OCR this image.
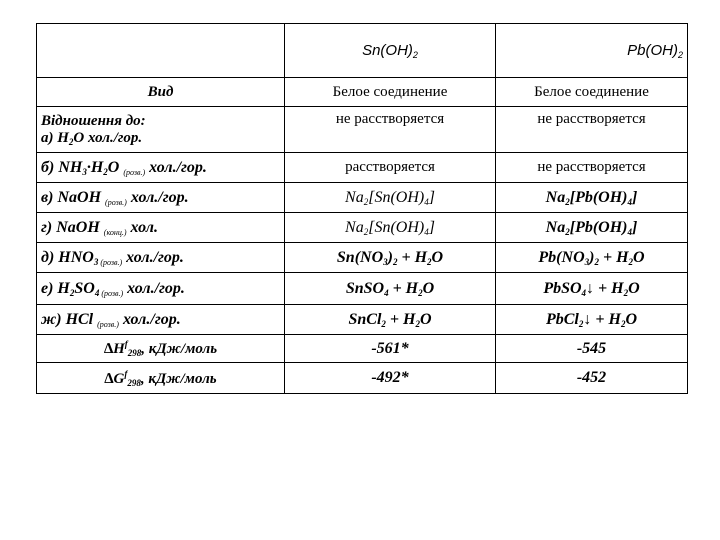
	$Sn(OH)_2$	$Pb(OH)_2$
Вид	Белое соединение	Белое соединение
Відношення до:
а) $H_2O$ хол./гор.	не расстворяется	не расстворяется
б) $NH_3\cdot H_2O$ $_{(розв.)}$ хол./гор.	расстворяется	не расстворяется
в) NaOH $_{(розв.)}$ хол./гор.	$Na_2[Sn(OH)_4]$	$Na_2[Pb(OH)_4]$
г) NaOH $_{(конц.)}$ хол.	$Na_2[Sn(OH)_4]$	$Na_2[Pb(OH)_4]$
д) $HNO_3$ $_{(розв.)}$ хол./гор.	$Sn(NO_3)_2 + H_2O$	$Pb(NO_3)_2 + H_2O$
е) $H_2SO_4$ $_{(розв.)}$ хол./гор.	SnSO$_4$ + $H_2O$	PbSO$_4$↓ + $H_2O$
ж) HCl $_{(розв.)}$ хол./гор.	SnCl$_2$ + $H_2O$	PbCl$_2$↓ + $H_2O$
$\Delta H^f_{298}$, кДж/моль	-561*	-545
$\Delta G^f_{298}$, кДж/моль	-492*	-452
